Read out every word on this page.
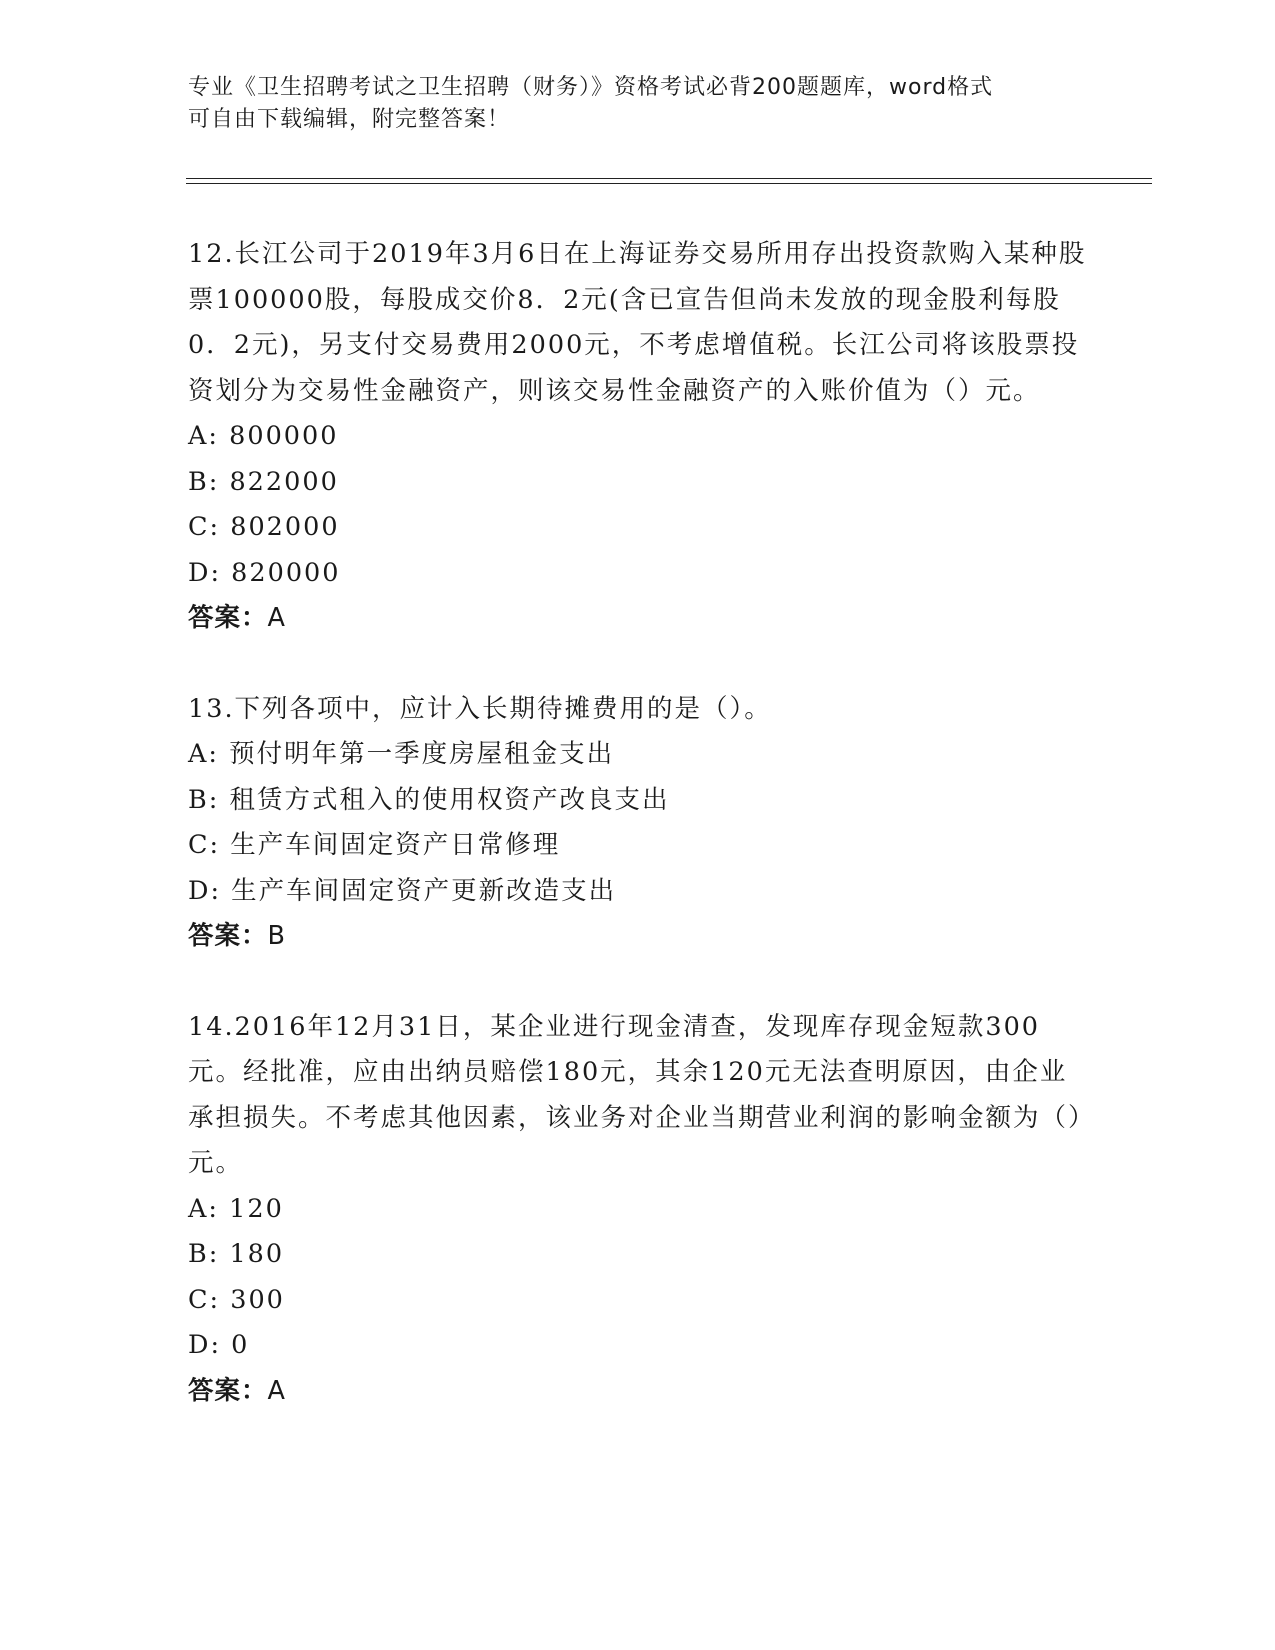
专业《卫生招聘考试之卫生招聘（财务）》资格考试必背200题题库，word格式
可自由下载编辑，附完整答案！
12.长江公司于2019年3月6日在上海证券交易所用存出投资款购入某种股票100000股，每股成交价8．2元(含已宣告但尚未发放的现金股利每股0．2元)，另支付交易费用2000元，不考虑增值税。长江公司将该股票投资划分为交易性金融资产，则该交易性金融资产的入账价值为（）元。
A: 800000
B: 822000
C: 802000
D: 820000
答案：A
13.下列各项中，应计入长期待摊费用的是（）。
A: 预付明年第一季度房屋租金支出
B: 租赁方式租入的使用权资产改良支出
C: 生产车间固定资产日常修理
D: 生产车间固定资产更新改造支出
答案：B
14.2016年12月31日，某企业进行现金清查，发现库存现金短款300元。经批准，应由出纳员赔偿180元，其余120元无法查明原因，由企业承担损失。不考虑其他因素，该业务对企业当期营业利润的影响金额为（）元。
A: 120
B: 180
C: 300
D: 0
答案：A
